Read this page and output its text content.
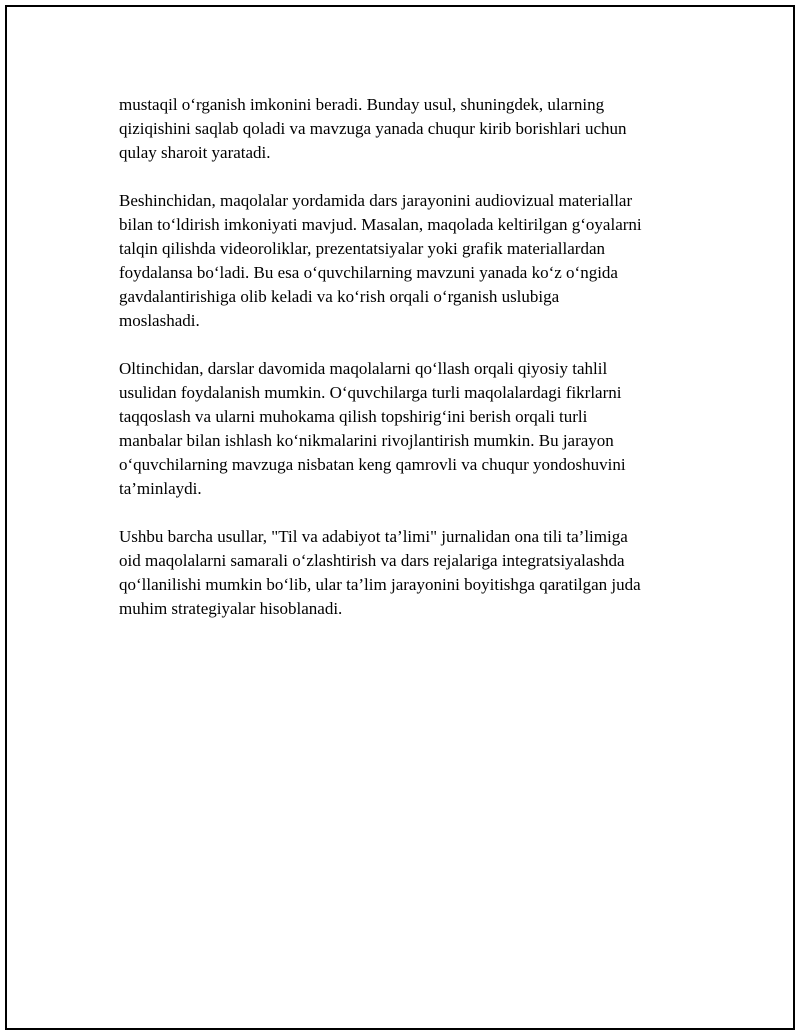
mustaqil o‘rganish imkonini beradi. Bunday usul, shuningdek, ularning
qiziqishini saqlab qoladi va mavzuga yanada chuqur kirib borishlari uchun
qulay sharoit yaratadi.

Beshinchidan, maqolalar yordamida dars jarayonini audiovizual materiallar
bilan to‘ldirish imkoniyati mavjud. Masalan, maqolada keltirilgan g‘oyalarni
talqin qilishda videoroliklar, prezentatsiyalar yoki grafik materiallardan
foydalansa bo‘ladi. Bu esa o‘quvchilarning mavzuni yanada ko‘z o‘ngida
gavdalantirishiga olib keladi va ko‘rish orqali o‘rganish uslubiga
moslashadi.

Oltinchidan, darslar davomida maqolalarni qo‘llash orqali qiyosiy tahlil
usulidan foydalanish mumkin. O‘quvchilarga turli maqolalardagi fikrlarni
taqqoslash va ularni muhokama qilish topshirig‘ini berish orqali turli
manbalar bilan ishlash ko‘nikmalarini rivojlantirish mumkin. Bu jarayon
o‘quvchilarning mavzuga nisbatan keng qamrovli va chuqur yondoshuvini
ta’minlaydi.

Ushbu barcha usullar, "Til va adabiyot ta’limi" jurnalidan ona tili ta’limiga
oid maqolalarni samarali o‘zlashtirish va dars rejalariga integratsiyalashda
qo‘llanilishi mumkin bo‘lib, ular ta’lim jarayonini boyitishga qaratilgan juda
muhim strategiyalar hisoblanadi.
